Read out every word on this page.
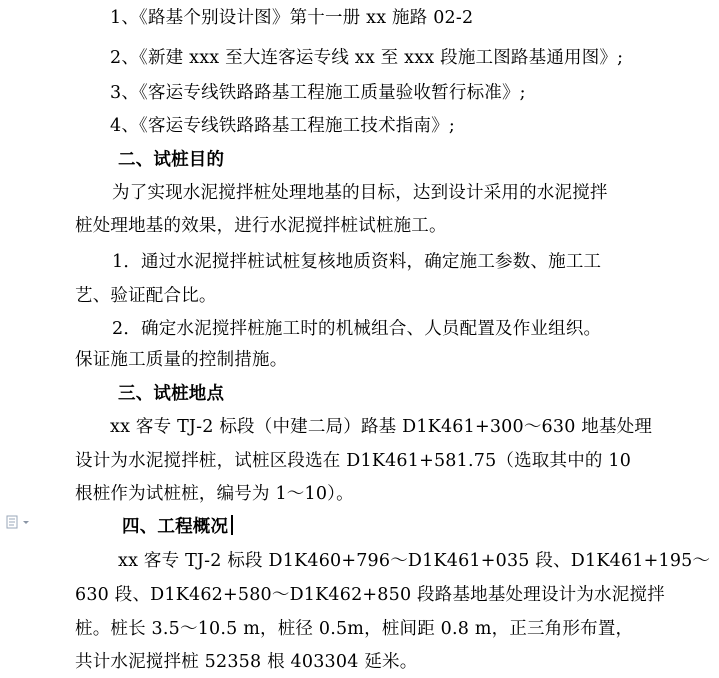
1、《路基个别设计图》第十一册 xx 施路 02-2
2、《新建 xxx 至大连客运专线 xx 至 xxx 段施工图路基通用图》;
3、《客运专线铁路路基工程施工质量验收暂行标准》;
4、《客运专线铁路路基工程施工技术指南》;
二、试桩目的
为了实现水泥搅拌桩处理地基的目标，达到设计采用的水泥搅拌
桩处理地基的效果，进行水泥搅拌桩试桩施工。
1．通过水泥搅拌桩试桩复核地质资料，确定施工参数、施工工
艺、验证配合比。
2．确定水泥搅拌桩施工时的机械组合、人员配置及作业组织。
保证施工质量的控制措施。
三、试桩地点
xx 客专 TJ-2 标段（中建二局）路基 D1K461+300～630 地基处理
设计为水泥搅拌桩，试桩区段选在 D1K461+581.75（选取其中的 10
根桩作为试桩桩，编号为 1～10）。
四、工程概况
xx 客专 TJ-2 标段 D1K460+796～D1K461+035 段、D1K461+195～
630 段、D1K462+580～D1K462+850 段路基地基处理设计为水泥搅拌
桩。桩长 3.5～10.5 m，桩径 0.5m，桩间距 0.8 m，正三角形布置，
共计水泥搅拌桩 52358 根 403304 延米。
